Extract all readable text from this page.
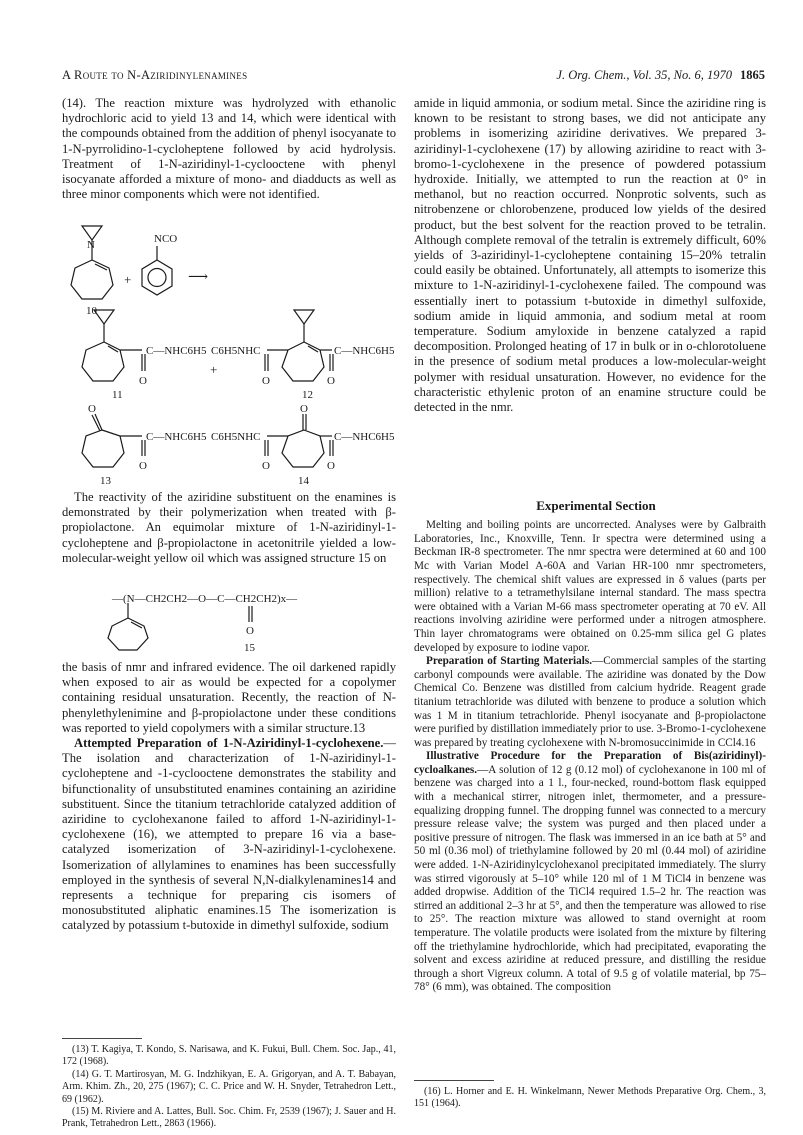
A Route to N-Aziridinylenamines	J. Org. Chem., Vol. 35, No. 6, 1970 1865

(14). The reaction mixture was hydrolyzed with ethanolic hydrochloric acid to yield 13 and 14, which were identical with the compounds obtained from the addition of phenyl isocyanate to 1-N-pyrrolidino-1-cycloheptene followed by acid hydrolysis. Treatment of 1-N-aziridinyl-1-cyclooctene with phenyl isocyanate afforded a mixture of mono- and diadducts as well as three minor components which were not identified.

N	NCO
+	⟶
10
C—NHC6H5
O
+
C6H5NHC	C—NHC6H5
O	O
11	12
O
C—NHC6H5
O
O
C6H5NHC	C—NHC6H5
O	O
13	14

The reactivity of the aziridine substituent on the enamines is demonstrated by their polymerization when treated with β-propiolactone. An equimolar mixture of 1-N-aziridinyl-1-cycloheptene and β-propiolactone in acetonitrile yielded a low-molecular-weight yellow oil which was assigned structure 15 on

—(N—CH2CH2—O—C—CH2CH2)x—
O
15

the basis of nmr and infrared evidence. The oil darkened rapidly when exposed to air as would be expected for a copolymer containing residual unsaturation. Recently, the reaction of N-phenylethylenimine and β-propiolactone under these conditions was reported to yield copolymers with a similar structure.13

Attempted Preparation of 1-N-Aziridinyl-1-cyclohexene.—The isolation and characterization of 1-N-aziridinyl-1-cycloheptene and -1-cyclooctene demonstrates the stability and bifunctionality of unsubstituted enamines containing an aziridine substituent. Since the titanium tetrachloride catalyzed addition of aziridine to cyclohexanone failed to afford 1-N-aziridinyl-1-cyclohexene (16), we attempted to prepare 16 via a base-catalyzed isomerization of 3-N-aziridinyl-1-cyclohexene. Isomerization of allylamines to enamines has been successfully employed in the synthesis of several N,N-dialkylenamines14 and represents a technique for preparing cis isomers of monosubstituted aliphatic enamines.15 The isomerization is catalyzed by potassium t-butoxide in dimethyl sulfoxide, sodium

(13) T. Kagiya, T. Kondo, S. Narisawa, and K. Fukui, Bull. Chem. Soc. Jap., 41, 172 (1968).

(14) G. T. Martirosyan, M. G. Indzhikyan, E. A. Grigoryan, and A. T. Babayan, Arm. Khim. Zh., 20, 275 (1967); C. C. Price and W. H. Snyder, Tetrahedron Lett., 69 (1962).

(15) M. Riviere and A. Lattes, Bull. Soc. Chim. Fr, 2539 (1967); J. Sauer and H. Prank, Tetrahedron Lett., 2863 (1966).

amide in liquid ammonia, or sodium metal. Since the aziridine ring is known to be resistant to strong bases, we did not anticipate any problems in isomerizing aziridine derivatives. We prepared 3-aziridinyl-1-cyclohexene (17) by allowing aziridine to react with 3-bromo-1-cyclohexene in the presence of powdered potassium hydroxide. Initially, we attempted to run the reaction at 0° in methanol, but no reaction occurred. Nonprotic solvents, such as nitrobenzene or chlorobenzene, produced low yields of the desired product, but the best solvent for the reaction proved to be tetralin. Although complete removal of the tetralin is extremely difficult, 60% yields of 3-aziridinyl-1-cycloheptene containing 15–20% tetralin could easily be obtained. Unfortunately, all attempts to isomerize this mixture to 1-N-aziridinyl-1-cyclohexene failed. The compound was essentially inert to potassium t-butoxide in dimethyl sulfoxide, sodium amide in liquid ammonia, and sodium metal at room temperature. Sodium amyloxide in benzene catalyzed a rapid decomposition. Prolonged heating of 17 in bulk or in o-chlorotoluene in the presence of sodium metal produces a low-molecular-weight polymer with residual unsaturation. However, no evidence for the characteristic ethylenic proton of an enamine structure could be detected in the nmr.

Experimental Section

Melting and boiling points are uncorrected. Analyses were by Galbraith Laboratories, Inc., Knoxville, Tenn. Ir spectra were determined using a Beckman IR-8 spectrometer. The nmr spectra were determined at 60 and 100 Mc with Varian Model A-60A and Varian HR-100 nmr spectrometers, respectively. The chemical shift values are expressed in δ values (parts per million) relative to a tetramethylsilane internal standard. The mass spectra were obtained with a Varian M-66 mass spectrometer operating at 70 eV. All reactions involving aziridine were performed under a nitrogen atmosphere. Thin layer chromatograms were obtained on 0.25-mm silica gel G plates developed by exposure to iodine vapor.

Preparation of Starting Materials.—Commercial samples of the starting carbonyl compounds were available. The aziridine was donated by the Dow Chemical Co. Benzene was distilled from calcium hydride. Reagent grade titanium tetrachloride was diluted with benzene to produce a solution which was 1 M in titanium tetrachloride. Phenyl isocyanate and β-propiolactone were purified by distillation immediately prior to use. 3-Bromo-1-cyclohexene was prepared by treating cyclohexene with N-bromosuccinimide in CCl4.16

Illustrative Procedure for the Preparation of Bis(aziridinyl)-cycloalkanes.—A solution of 12 g (0.12 mol) of cyclohexanone in 100 ml of benzene was charged into a 1 l., four-necked, round-bottom flask equipped with a mechanical stirrer, nitrogen inlet, thermometer, and a pressure-equalizing dropping funnel. The dropping funnel was connected to a mercury pressure release valve; the system was purged and then placed under a positive pressure of nitrogen. The flask was immersed in an ice bath at 5° and 50 ml (0.36 mol) of triethylamine followed by 20 ml (0.44 mol) of aziridine were added. 1-N-Aziridinylcyclohexanol precipitated immediately. The slurry was stirred vigorously at 5–10° while 120 ml of 1 M TiCl4 in benzene was added dropwise. Addition of the TiCl4 required 1.5–2 hr. The reaction was stirred an additional 2–3 hr at 5°, and then the temperature was allowed to rise to 25°. The reaction mixture was allowed to stand overnight at room temperature. The volatile products were isolated from the mixture by filtering off the triethylamine hydrochloride, which had precipitated, evaporating the solvent and excess aziridine at reduced pressure, and distilling the residue through a short Vigreux column. A total of 9.5 g of volatile material, bp 75–78° (6 mm), was obtained. The composition

(16) L. Horner and E. H. Winkelmann, Newer Methods Preparative Org. Chem., 3, 151 (1964).
